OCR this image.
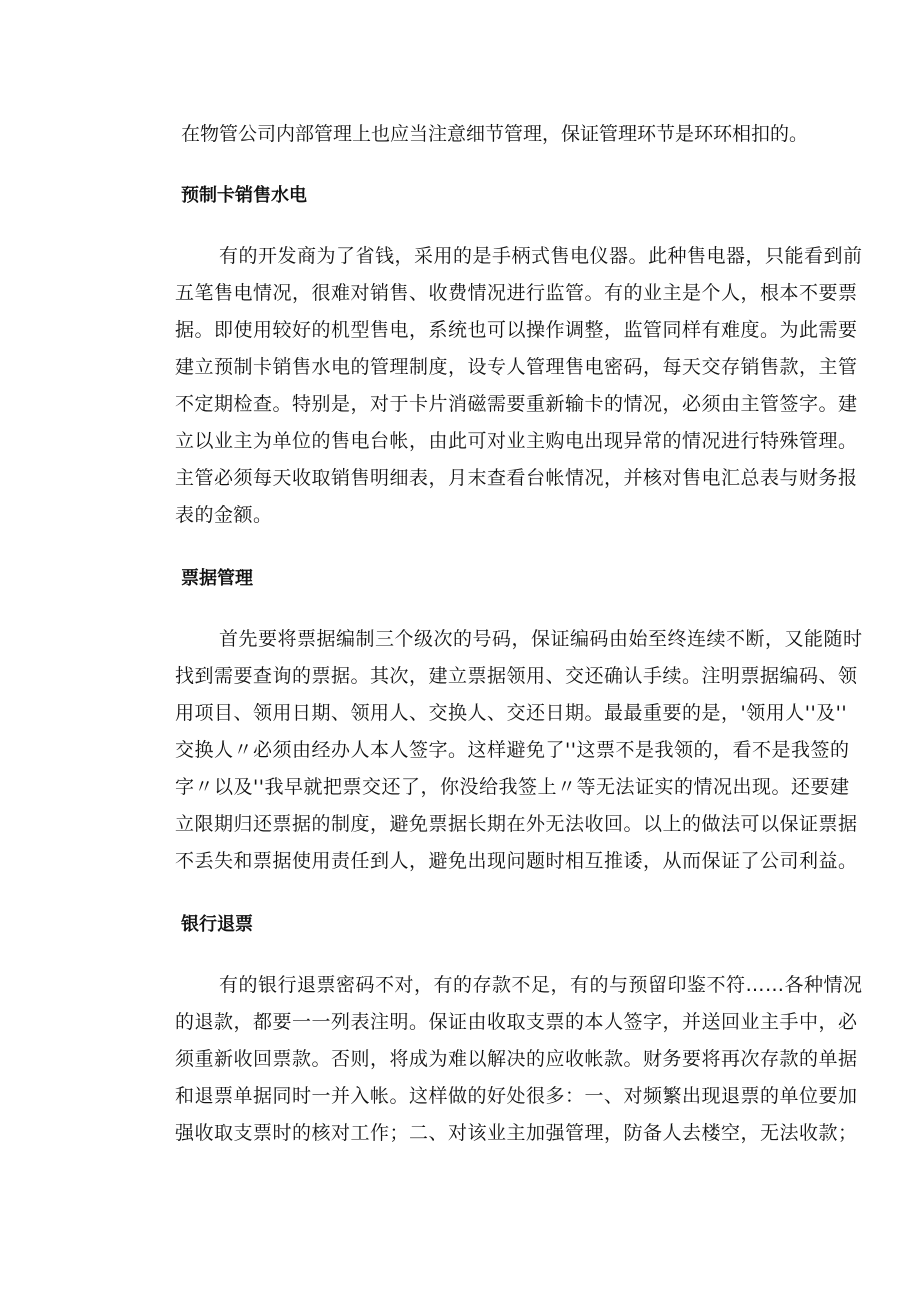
在物管公司内部管理上也应当注意细节管理，保证管理环节是环环相扣的。

预制卡销售水电

有的开发商为了省钱，采用的是手柄式售电仪器。此种售电器，只能看到前
五笔售电情况，很难对销售、收费情况进行监管。有的业主是个人，根本不要票
据。即使用较好的机型售电，系统也可以操作调整，监管同样有难度。为此需要
建立预制卡销售水电的管理制度，设专人管理售电密码，每天交存销售款，主管
不定期检查。特别是，对于卡片消磁需要重新输卡的情况，必须由主管签字。建
立以业主为单位的售电台帐，由此可对业主购电出现异常的情况进行特殊管理。
主管必须每天收取销售明细表，月末查看台帐情况，并核对售电汇总表与财务报
表的金额。

票据管理

首先要将票据编制三个级次的号码，保证编码由始至终连续不断，又能随时
找到需要查询的票据。其次，建立票据领用、交还确认手续。注明票据编码、领
用项目、领用日期、领用人、交换人、交还日期。最最重要的是，'领用人''及''
交换人〃必须由经办人本人签字。这样避免了''这票不是我领的，看不是我签的
字〃以及''我早就把票交还了，你没给我签上〃等无法证实的情况出现。还要建
立限期归还票据的制度，避免票据长期在外无法收回。以上的做法可以保证票据
不丢失和票据使用责任到人，避免出现问题时相互推诿，从而保证了公司利益。

银行退票

有的银行退票密码不对，有的存款不足，有的与预留印鉴不符……各种情况
的退款，都要一一列表注明。保证由收取支票的本人签字，并送回业主手中，必
须重新收回票款。否则，将成为难以解决的应收帐款。财务要将再次存款的单据
和退票单据同时一并入帐。这样做的好处很多：一、对频繁出现退票的单位要加
强收取支票时的核对工作；二、对该业主加强管理，防备人去楼空，无法收款；
